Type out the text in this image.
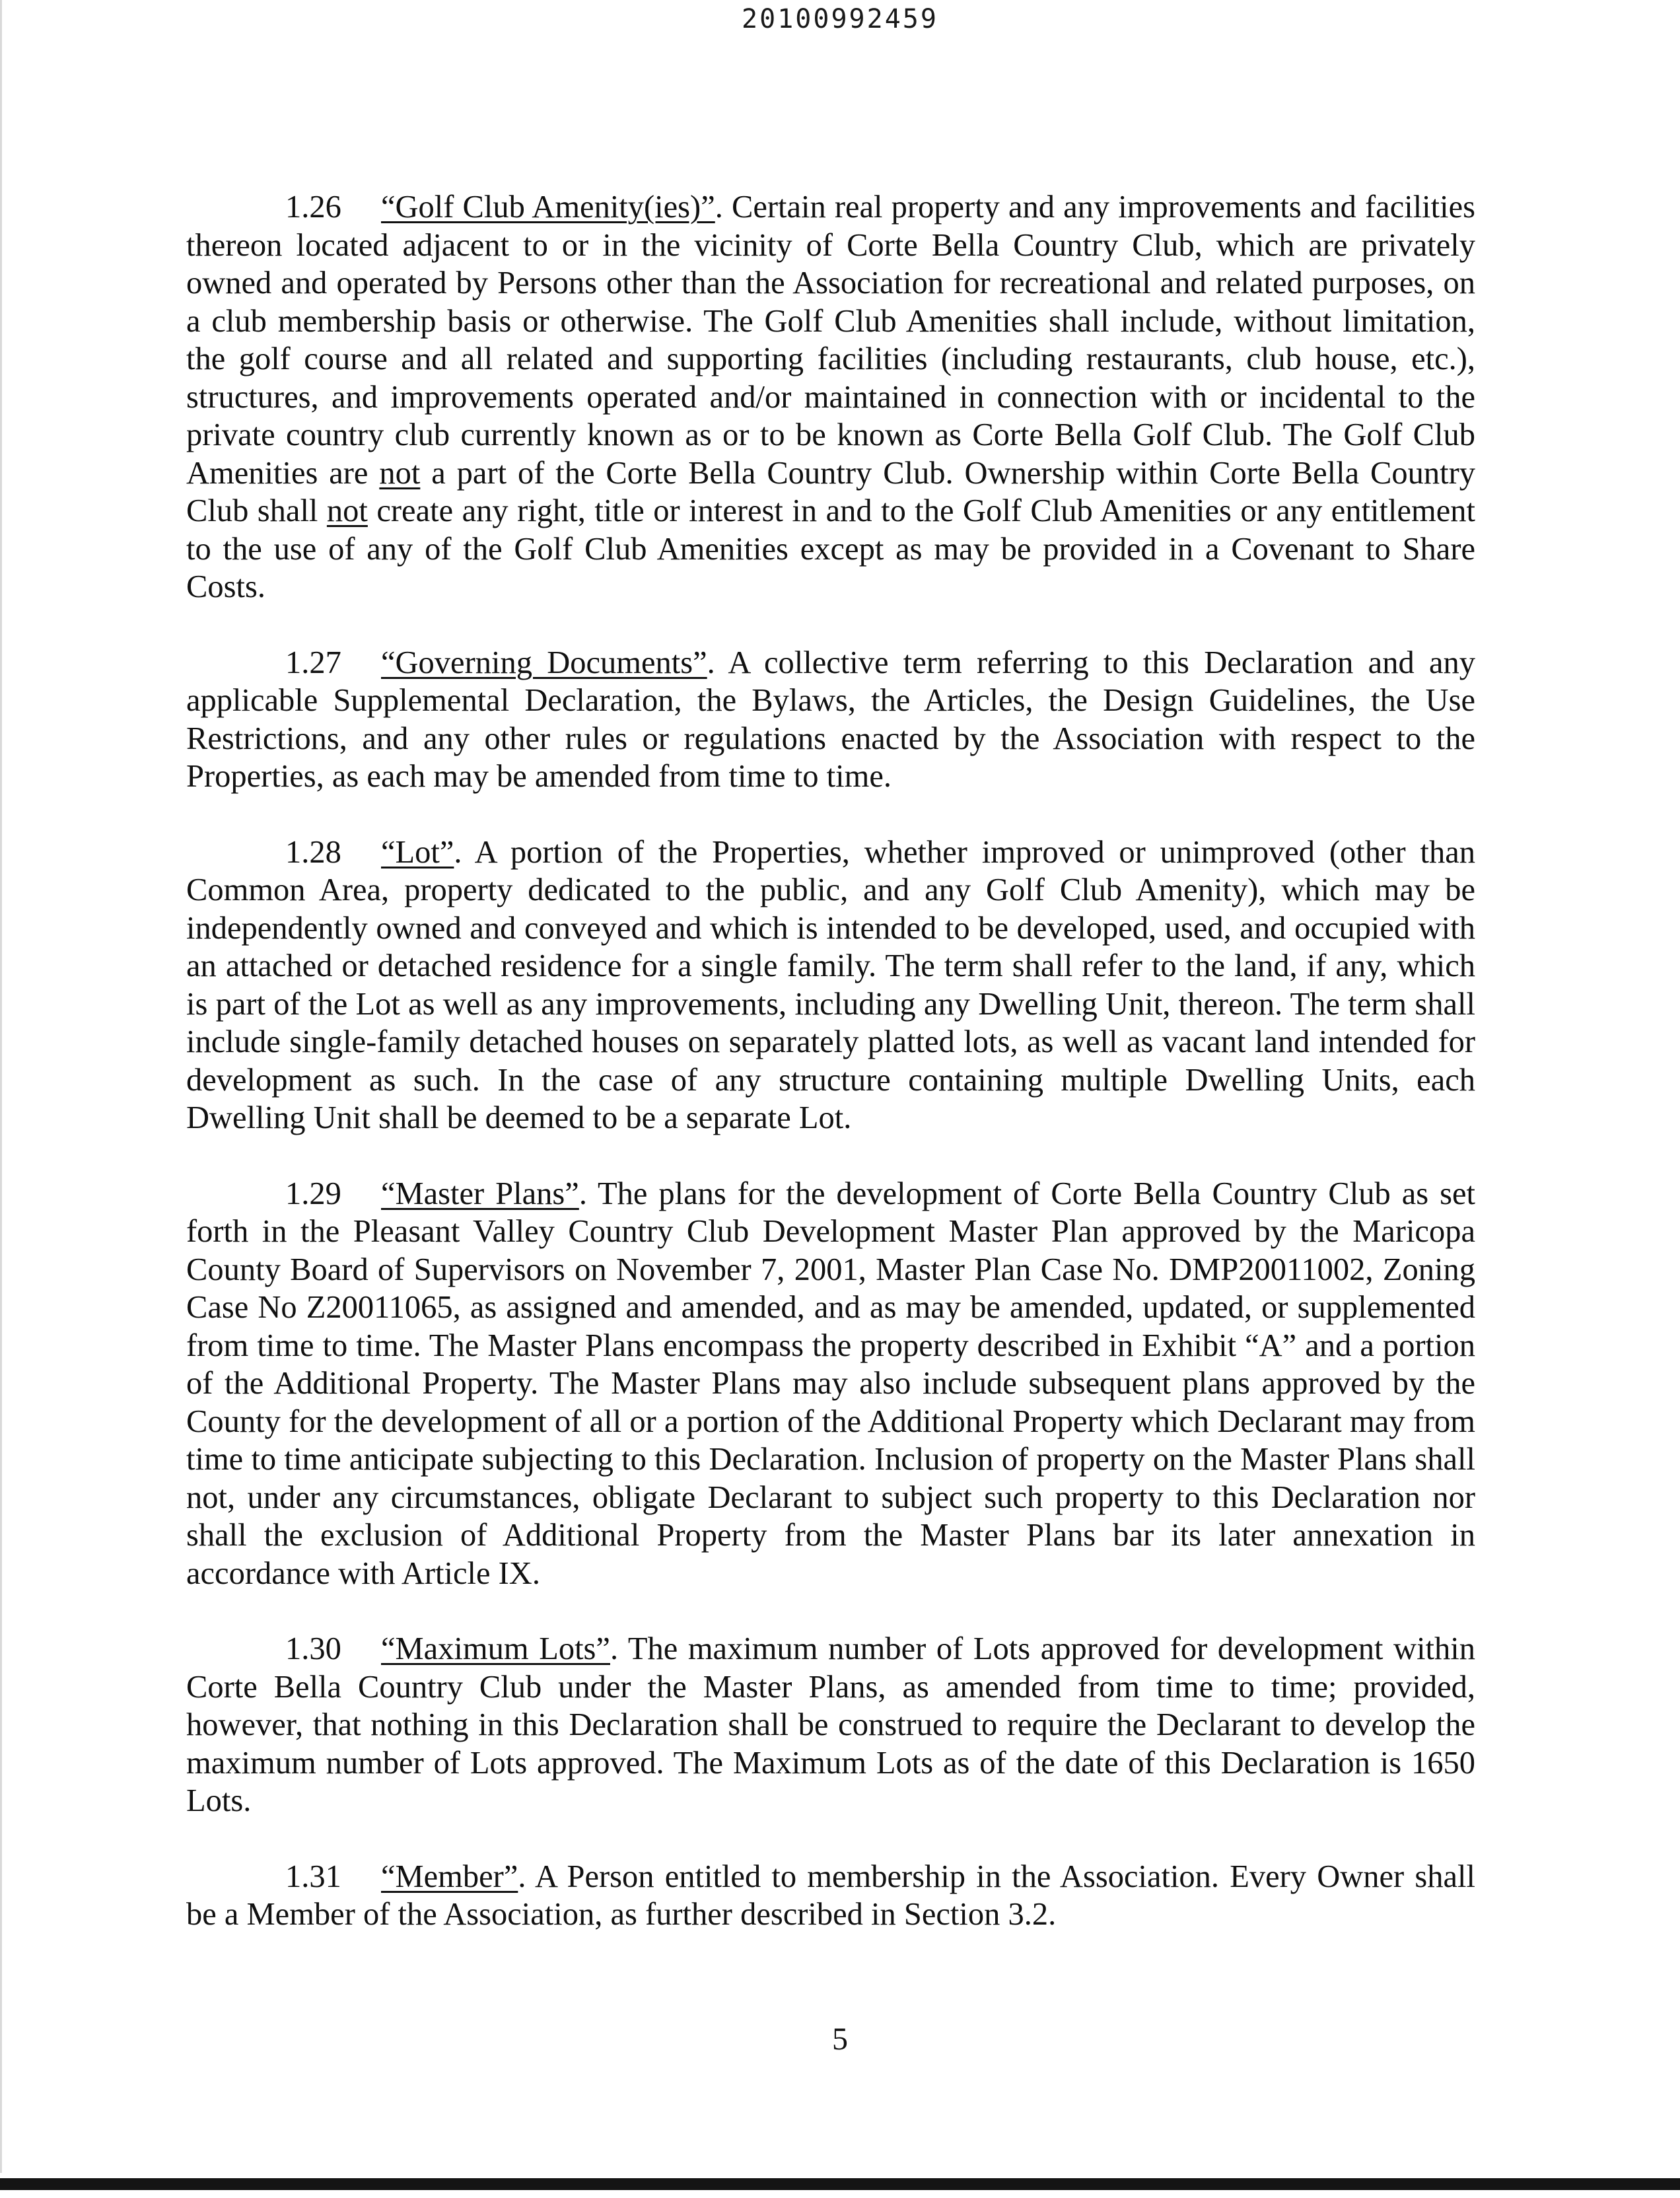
20100992459

1.26 “Golf Club Amenity(ies)”. Certain real property and any improvements and facilities thereon located adjacent to or in the vicinity of Corte Bella Country Club, which are privately owned and operated by Persons other than the Association for recreational and related purposes, on a club membership basis or otherwise. The Golf Club Amenities shall include, without limitation, the golf course and all related and supporting facilities (including restaurants, club house, etc.), structures, and improvements operated and/or maintained in connection with or incidental to the private country club currently known as or to be known as Corte Bella Golf Club. The Golf Club Amenities are not a part of the Corte Bella Country Club. Ownership within Corte Bella Country Club shall not create any right, title or interest in and to the Golf Club Amenities or any entitlement to the use of any of the Golf Club Amenities except as may be provided in a Covenant to Share Costs.

1.27 “Governing Documents”. A collective term referring to this Declaration and any applicable Supplemental Declaration, the Bylaws, the Articles, the Design Guidelines, the Use Restrictions, and any other rules or regulations enacted by the Association with respect to the Properties, as each may be amended from time to time.

1.28 “Lot”. A portion of the Properties, whether improved or unimproved (other than Common Area, property dedicated to the public, and any Golf Club Amenity), which may be independently owned and conveyed and which is intended to be developed, used, and occupied with an attached or detached residence for a single family. The term shall refer to the land, if any, which is part of the Lot as well as any improvements, including any Dwelling Unit, thereon. The term shall include single-family detached houses on separately platted lots, as well as vacant land intended for development as such. In the case of any structure containing multiple Dwelling Units, each Dwelling Unit shall be deemed to be a separate Lot.

1.29 “Master Plans”. The plans for the development of Corte Bella Country Club as set forth in the Pleasant Valley Country Club Development Master Plan approved by the Maricopa County Board of Supervisors on November 7, 2001, Master Plan Case No. DMP20011002, Zoning Case No Z20011065, as assigned and amended, and as may be amended, updated, or supplemented from time to time. The Master Plans encompass the property described in Exhibit “A” and a portion of the Additional Property. The Master Plans may also include subsequent plans approved by the County for the development of all or a portion of the Additional Property which Declarant may from time to time anticipate subjecting to this Declaration. Inclusion of property on the Master Plans shall not, under any circumstances, obligate Declarant to subject such property to this Declaration nor shall the exclusion of Additional Property from the Master Plans bar its later annexation in accordance with Article IX.

1.30 “Maximum Lots”. The maximum number of Lots approved for development within Corte Bella Country Club under the Master Plans, as amended from time to time; provided, however, that nothing in this Declaration shall be construed to require the Declarant to develop the maximum number of Lots approved. The Maximum Lots as of the date of this Declaration is 1650 Lots.

1.31 “Member”. A Person entitled to membership in the Association. Every Owner shall be a Member of the Association, as further described in Section 3.2.

5
